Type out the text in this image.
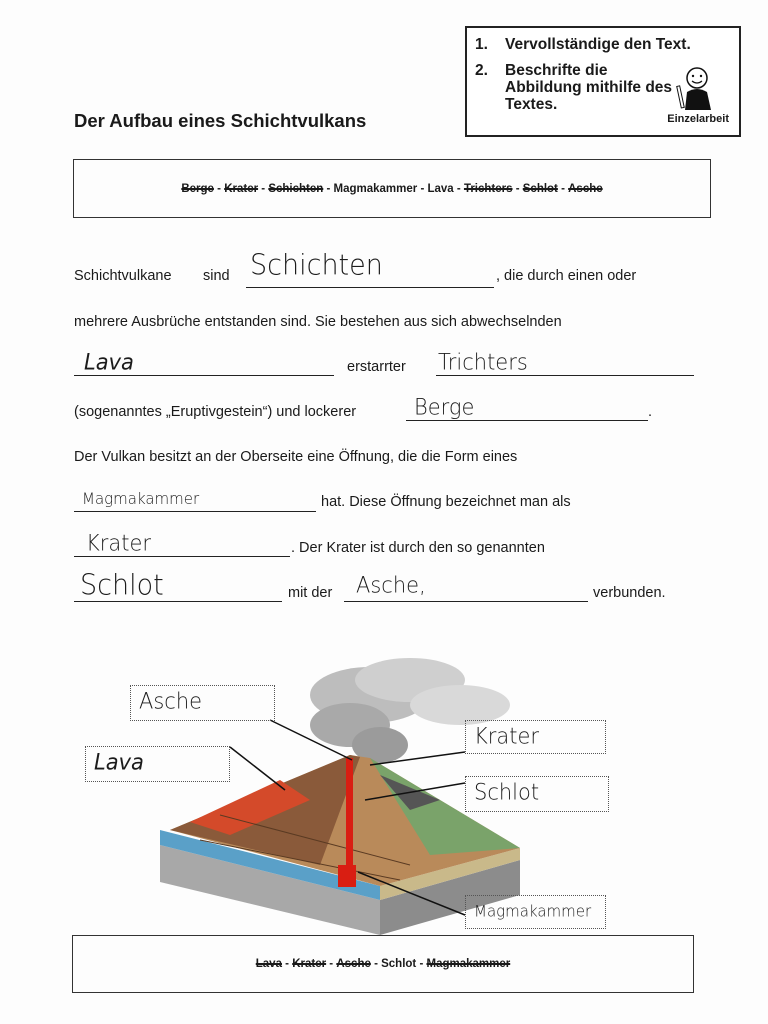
1. Vervollständige den Text.
2. Beschrifte die Abbildung mithilfe des Textes.
Einzelarbeit
Der Aufbau eines Schichtvulkans
Berge - Krater - Schichten - Magmakammer - Lava - Trichters - Schlot - Asche
Schichtvulkane sind Schichten	, die durch einen oder
mehrere Ausbrüche entstanden sind. Sie bestehen aus sich abwechselnden
Lava	erstarrter Trichters
(sogenanntes „Eruptivgestein“) und lockerer	Berge	.
Der Vulkan besitzt an der Oberseite eine Öffnung, die die Form eines
Magmakammer	hat. Diese Öffnung bezeichnet man als
Krater	. Der Krater ist durch den so genannten
Schlot	mit der Asche,	verbunden.
Asche
Lava
Krater
Schlot
Magmakammer
Lava - Krater - Asche - Schlot - Magmakammer
